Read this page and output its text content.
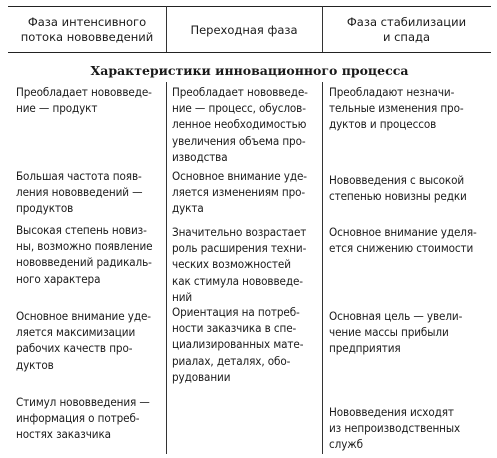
Фаза интенсивного
потока нововведений
Переходная фаза
Фаза стабилизации
и спада
Характеристики инновационного процесса
Преобладает нововведе-
ние — продукт
Преобладает нововведе-
ние — процесс, обуслов-
ленное необходимостью
увеличения объема про-
изводства
Преобладают незначи-
тельные изменения про-
дуктов и процессов
Большая частота появ-
ления нововведений —
продуктов
Основное внимание уде-
ляется изменениям про-
дукта
Нововведения с высокой
степенью новизны редки
Высокая степень новиз-
ны, возможно появление
нововведений радикаль-
ного характера
Значительно возрастает
роль расширения техни-
ческих возможностей
как стимула нововведе-
ний
Основное внимание уделя-
ется снижению стоимости
Основное внимание уде-
ляется максимизации
рабочих качеств про-
дуктов
Ориентация на потреб-
ности заказчика в спе-
циализированных мате-
риалах, деталях, обо-
рудовании
Основная цель — увели-
чение массы прибыли
предприятия
Стимул нововведения —
информация о потреб-
ностях заказчика
Нововведения исходят
из непроизводственных
служб
